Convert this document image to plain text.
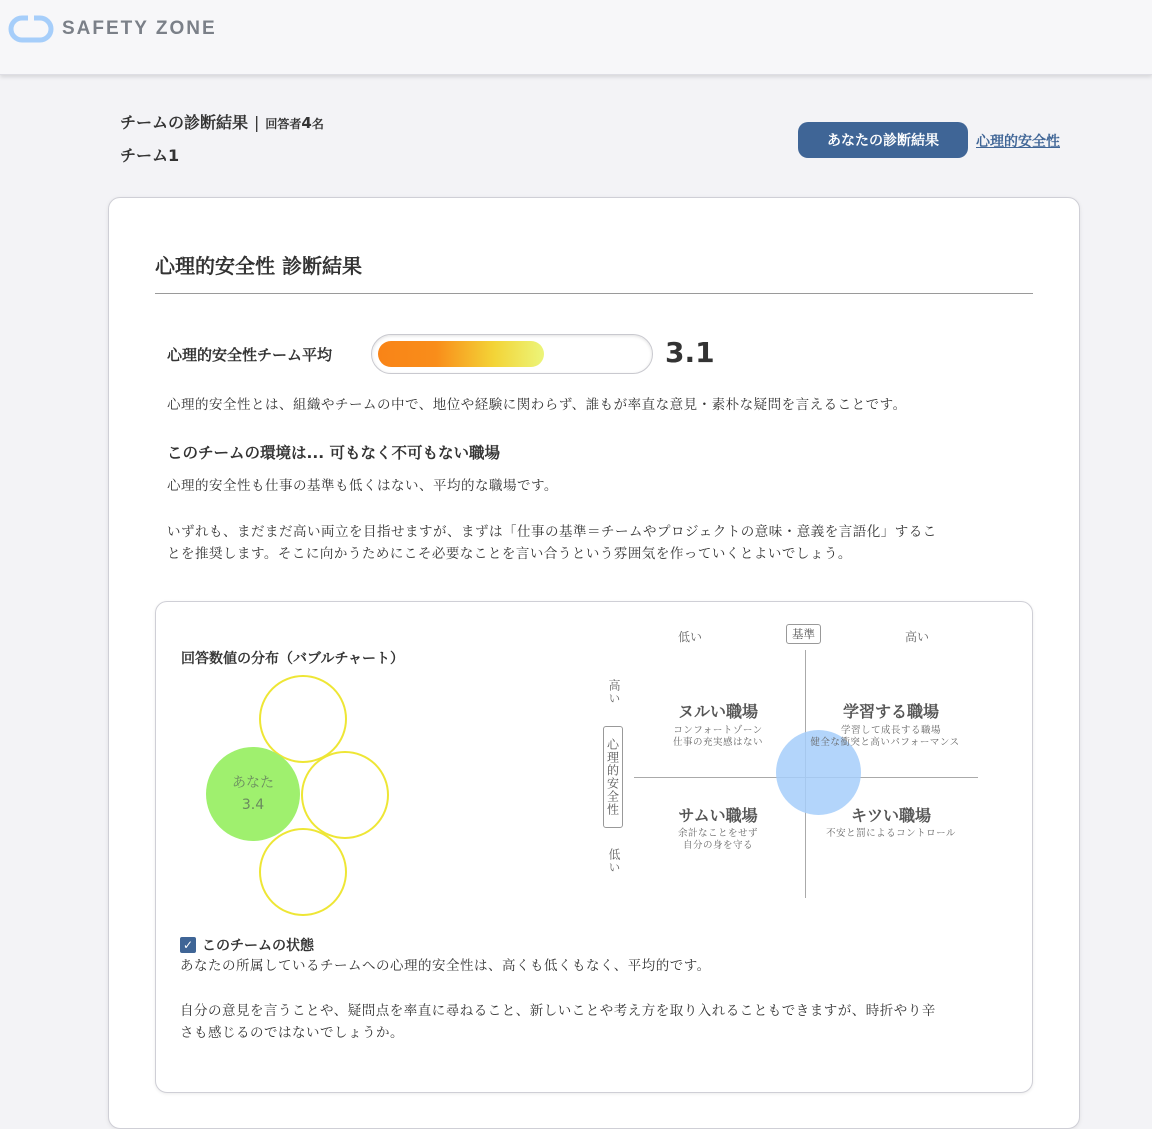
SAFETY ZONE
チームの診断結果 | 回答者4名
チーム1
あなたの診断結果	心理的安全性
心理的安全性 診断結果
心理的安全性チーム平均	3.1
心理的安全性とは、組織やチームの中で、地位や経験に関わらず、誰もが率直な意見・素朴な疑問を言えることです。
このチームの環境は... 可もなく不可もない職場
心理的安全性も仕事の基準も低くはない、平均的な職場です。
いずれも、まだまだ高い両立を目指せますが、まずは「仕事の基準＝チームやプロジェクトの意味・意義を言語化」するこ
とを推奨します。そこに向かうためにこそ必要なことを言い合うという雰囲気を作っていくとよいでしょう。
回答数値の分布（バブルチャート）
あなた
3.4
低い	基準	高い
高い
心理的安全性
低い
ヌルい職場
コンフォートゾーン
仕事の充実感はない
学習する職場
学習して成長する職場
健全な衝突と高いパフォーマンス
サムい職場
余計なことをせず
自分の身を守る
キツい職場
不安と罰によるコントロール
✓ このチームの状態
あなたの所属しているチームへの心理的安全性は、高くも低くもなく、平均的です。
自分の意見を言うことや、疑問点を率直に尋ねること、新しいことや考え方を取り入れることもできますが、時折やり辛
さも感じるのではないでしょうか。
